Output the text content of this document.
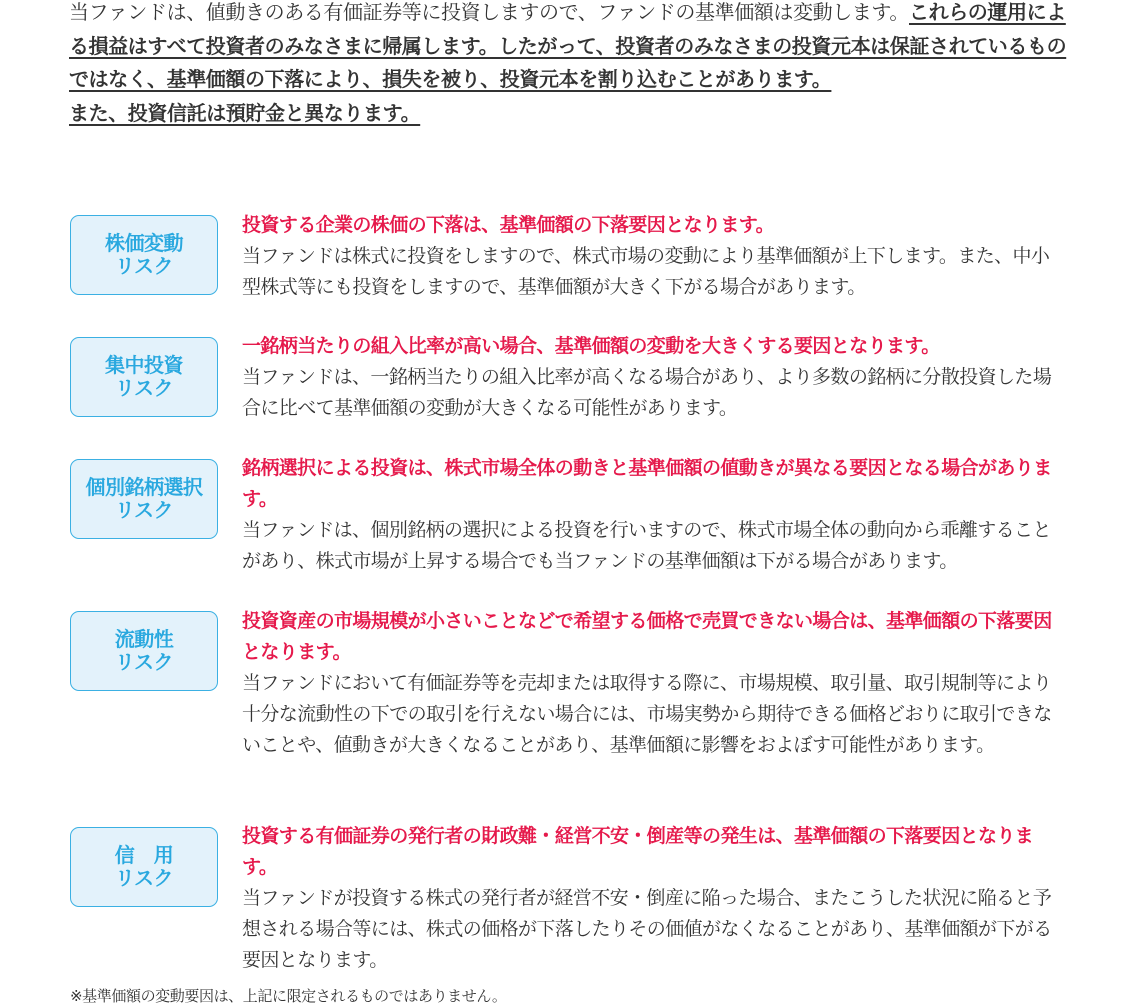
当ファンドは、値動きのある有価証券等に投資しますので、ファンドの基準価額は変動します。これらの運用による損益はすべて投資者のみなさまに帰属します。したがって、投資者のみなさまの投資元本は保証されているものではなく、基準価額の下落により、損失を被り、投資元本を割り込むことがあります。

また、投資信託は預貯金と異なります。

株価変動
リスク

投資する企業の株価の下落は、基準価額の下落要因となります。

当ファンドは株式に投資をしますので、株式市場の変動により基準価額が上下します。また、中小型株式等にも投資をしますので、基準価額が大きく下がる場合があります。

集中投資
リスク

一銘柄当たりの組入比率が高い場合、基準価額の変動を大きくする要因となります。

当ファンドは、一銘柄当たりの組入比率が高くなる場合があり、より多数の銘柄に分散投資した場合に比べて基準価額の変動が大きくなる可能性があります。

個別銘柄選択
リスク

銘柄選択による投資は、株式市場全体の動きと基準価額の値動きが異なる要因となる場合があります。

当ファンドは、個別銘柄の選択による投資を行いますので、株式市場全体の動向から乖離することがあり、株式市場が上昇する場合でも当ファンドの基準価額は下がる場合があります。

流動性
リスク

投資資産の市場規模が小さいことなどで希望する価格で売買できない場合は、基準価額の下落要因となります。

当ファンドにおいて有価証券等を売却または取得する際に、市場規模、取引量、取引規制等により十分な流動性の下での取引を行えない場合には、市場実勢から期待できる価格どおりに取引できないことや、値動きが大きくなることがあり、基準価額に影響をおよぼす可能性があります。

信　用
リスク

投資する有価証券の発行者の財政難・経営不安・倒産等の発生は、基準価額の下落要因となります。

当ファンドが投資する株式の発行者が経営不安・倒産に陥った場合、またこうした状況に陥ると予想される場合等には、株式の価格が下落したりその価値がなくなることがあり、基準価額が下がる要因となります。

※基準価額の変動要因は、上記に限定されるものではありません。
